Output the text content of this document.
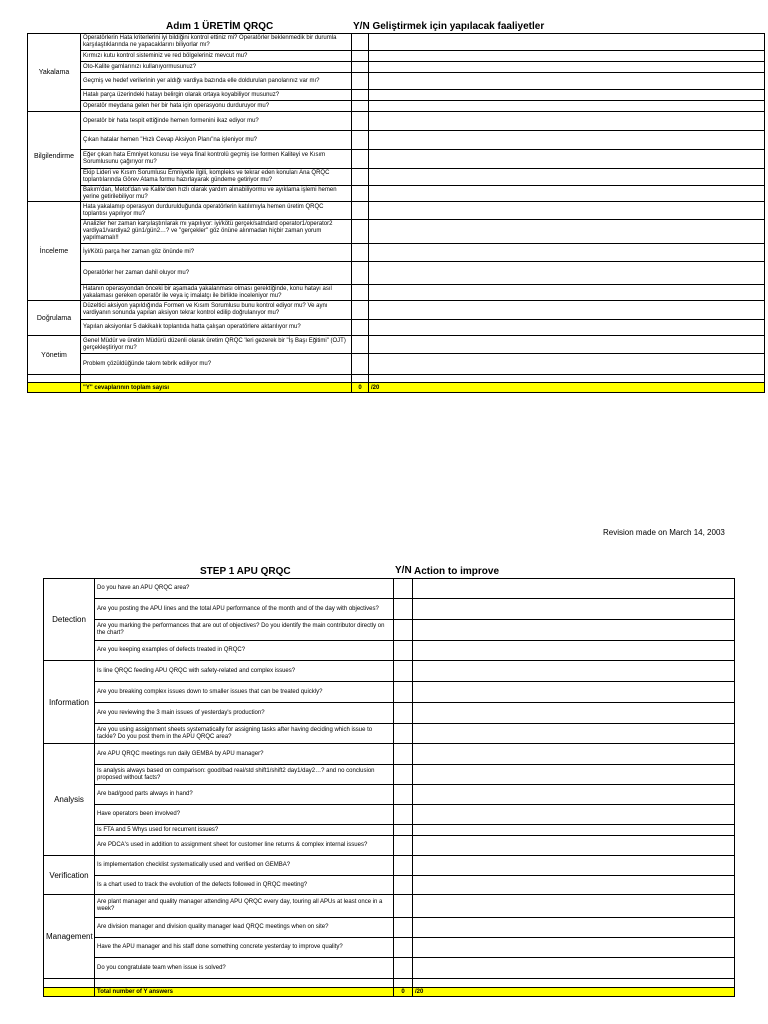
Adım 1 ÜRETİM QRQC	Y/N Geliştirmek için yapılacak faaliyetler
Yakalama	Operatörlerin Hata kriterlerini iyi bildiğini kontrol ettiniz mi? Operatörler beklenmedik bir durumla karşılaştıklarında ne yapacaklarını biliyorlar mı?		
	Kırmızı kutu kontrol sisteminiz ve red bölgeleriniz mevcut mu?		
	Oto-Kalite gamlarınızı kullanıyormusunuz?		
	Geçmiş ve hedef verilerinin yer aldığı vardiya bazında elle doldurulan panolarınız var mı?		
	Hatalı parça üzerindeki hatayı belirgin olarak ortaya koyabiliyor musunuz?		
	Operatör meydana gelen her bir hata için operasyonu durduruyor mu?		
Bilgilendirme	Operatör bir hata tespit ettiğinde hemen formenini ikaz ediyor mu?		
	Çıkan hatalar hemen "Hızlı Cevap Aksiyon Planı"na işleniyor mu?		
	Eğer çıkan hata Emniyet konusu ise veya final kontrolü geçmiş ise formen Kaliteyi ve Kısım Sorumlusunu çağırıyor mu?		
	Ekip Lideri ve Kısım Sorumlusu Emniyetle ilgili, kompleks ve tekrar eden konuları Ana QRQC toplantılarında Görev Atama formu hazırlayarak gündeme getiriyor mu?		
	Bakım'dan, Metot'dan ve Kalite'den hızlı olarak yardım alınabiliyormu ve ayıklama işlemi hemen yerine getirilebiliyor mu?		
İnceleme	Hata yakalamıp operasyon durdurulduğunda operatörlerin katılımıyla hemen üretim QRQC toplantısı yapılıyor mu?		
	Analizler her zaman karşılaştırılarak mı yapılıyor: iyi/kötü gerçek/satndard operator1/operator2 vardiya1/vardiya2 gün1/gün2…? ve "gerçekler" göz önüne alınmadan hiçbir zaman yorum yapılmamalı!!		
	İyi/Kötü parça her zaman göz önünde mi?		
	Operatörler her zaman dahil oluyor mu?		
	Hatanın operasyondan önceki bir aşamada yakalanması olması gerektiğinde, konu hatayı asıl yakalaması gereken operatör ile veya iç imalatçı ile birlikte inceleniyor mu?		
Doğrulama	Düzeltici aksiyon yapıldığında Formen ve Kısım Sorumlusu bunu kontrol ediyor mu? Ve aynı vardiyanın sonunda yapılan aksiyon tekrar kontrol edilip doğrulanıyor mu?		
	Yapılan aksiyonlar 5 dakikalık toplantıda hatta çalışan operatörlere aktarılıyor mu?		
Yönetim	Genel Müdür ve üretim Müdürü düzenli olarak üretim QRQC 'leri gezerek bir "İş Başı Eğitimi" (OJT) gerçekleştiriyor mu?		
	Problem çözüldüğünde takım tebrik ediliyor mu?		

	"Y" cevaplarının toplam sayısı	0	/20
Revision made on March 14, 2003
STEP 1 APU QRQC	Y/N Action to improve
Detection	Do you have an APU QRQC area?		
	Are you posting the APU lines and the total APU performance of the month and of the day with objectives?		
	Are you marking the performances that are out of objectives? Do you identify the main contributor directly on the chart?		
	Are you keeping examples of defects treated in QRQC?		
Information	Is line QRQC feeding APU QRQC with safety-related and complex issues?		
	Are you breaking complex issues down to smaller issues that can be treated quickly?		
	Are you reviewing the 3 main issues of yesterday's production?		
	Are you using assignment sheets systematically for assigning tasks after having deciding which issue to tackle? Do you post them in the APU QRQC area?		
Analysis	Are APU QRQC meetings run daily GEMBA by APU manager?		
	Is analysis always based on comparison: good/bad real/std shift1/shift2 day1/day2…? and no conclusion proposed without facts?		
	Are bad/good parts always in hand?		
	Have operators been involved?		
	Is FTA and 5 Whys used for recurrent issues?		
	Are PDCA's used in addition to assignment sheet for customer line returns & complex internal issues?		
Verification	Is implementation checklist systematically used and verified on GEMBA?		
	Is a chart used to track the evolution of the defects followed in QRQC meeting?		
Management	Are plant manager and quality manager attending APU QRQC every day, touring all APUs at least once in a week?		
	Are division manager and division quality manager lead QRQC meetings when on site?		
	Have the APU manager and his staff done something concrete yesterday to improve quality?		
	Do you congratulate team when issue is solved?		

	Total number of Y answers	0	/20
